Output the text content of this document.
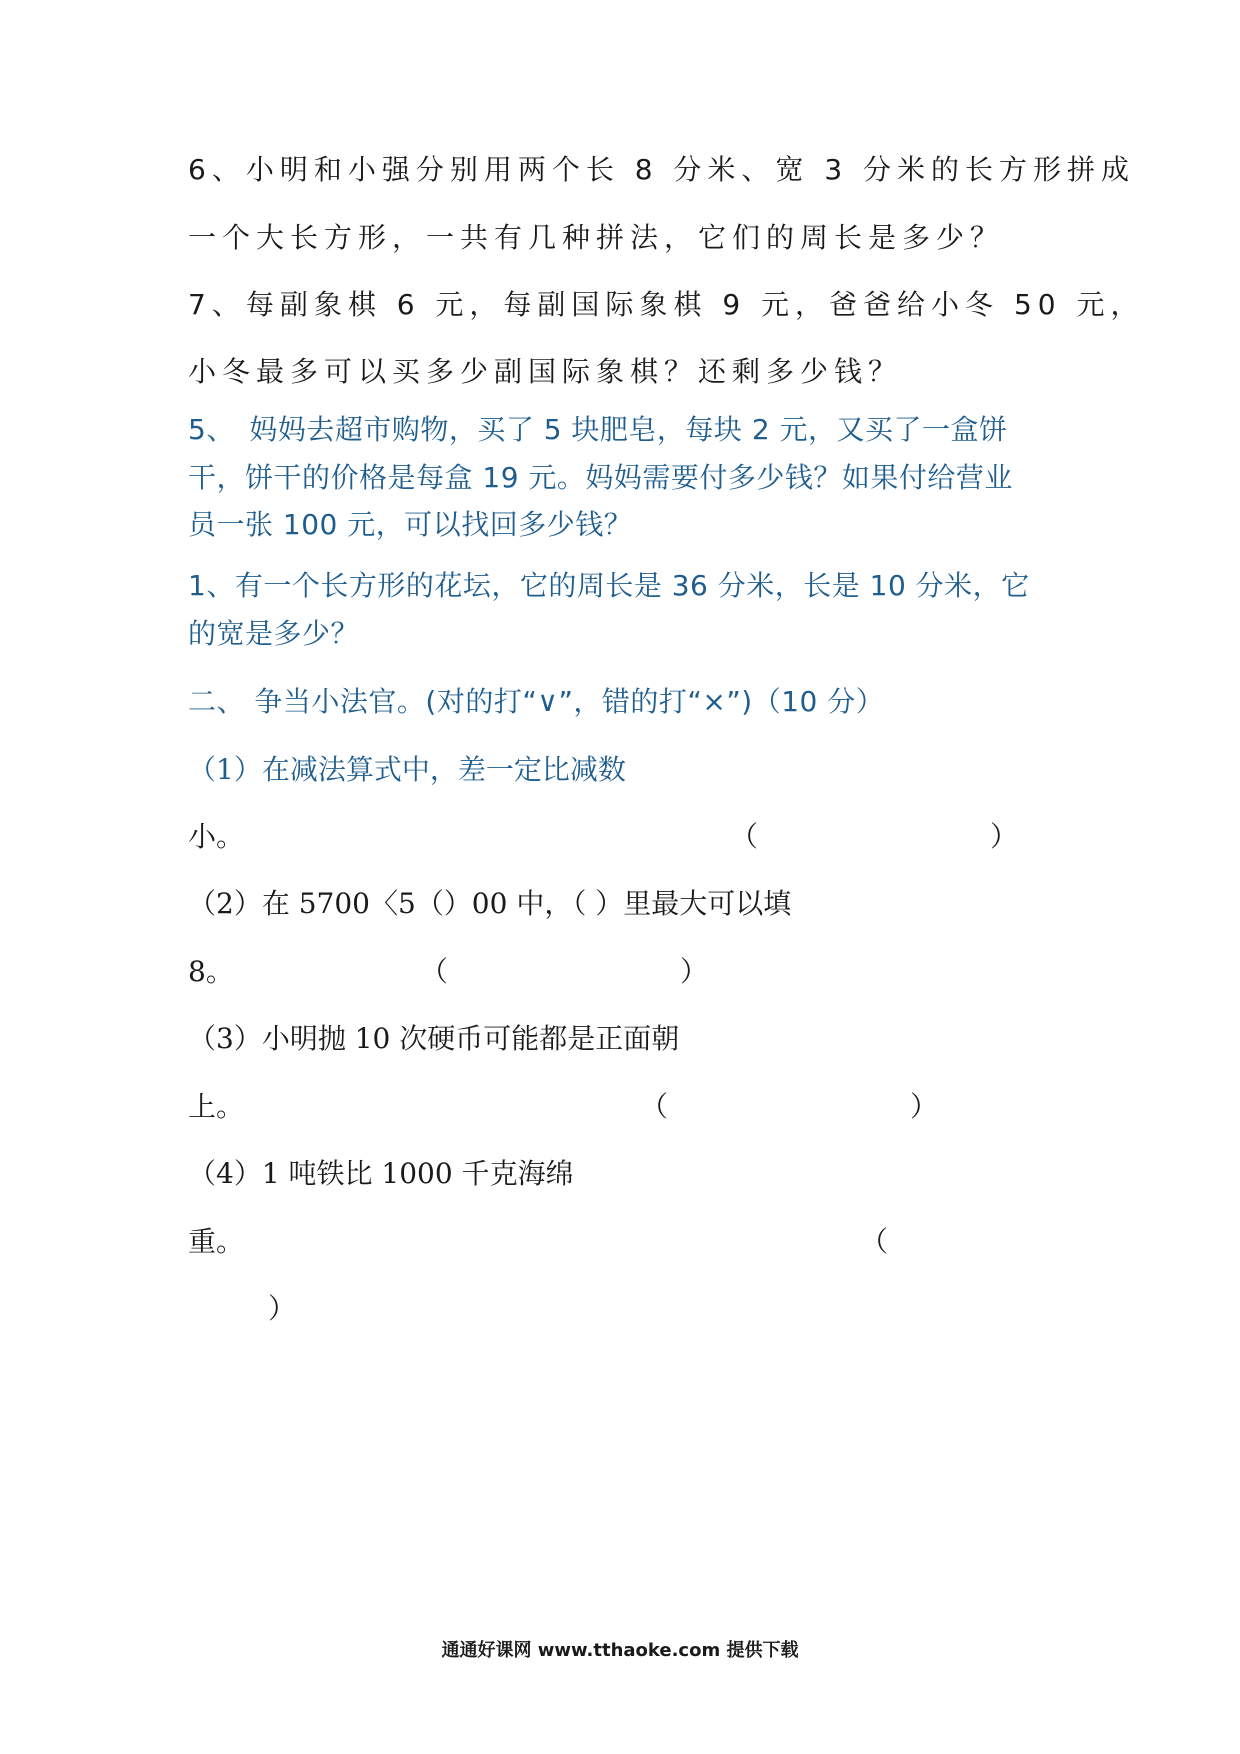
6、小明和小强分别用两个长 8 分米、宽 3 分米的长方形拼成

一个大长方形，一共有几种拼法，它们的周长是多少？

7、每副象棋 6 元，每副国际象棋 9 元，爸爸给小冬 50 元，

小冬最多可以买多少副国际象棋？还剩多少钱？

5、　妈妈去超市购物，买了 5 块肥皂，每块 2 元，又买了一盒饼

干，饼干的价格是每盒 19 元。妈妈需要付多少钱？如果付给营业

员一张 100 元，可以找回多少钱？

1、有一个长方形的花坛，它的周长是 36 分米，长是 10 分米，它

的宽是多少？

二、 争当小法官。(对的打“∨”，错的打“×”)（10 分）

（1）在减法算式中，差一定比减数

小。	（	）

（2）在 5700〈5（）00 中，（ ）里最大可以填

8。	（	）

（3）小明抛 10 次硬币可能都是正面朝

上。	（	）

（4）1 吨铁比 1000 千克海绵

重。	（
）
通通好课网 www.tthaoke.com 提供下载
